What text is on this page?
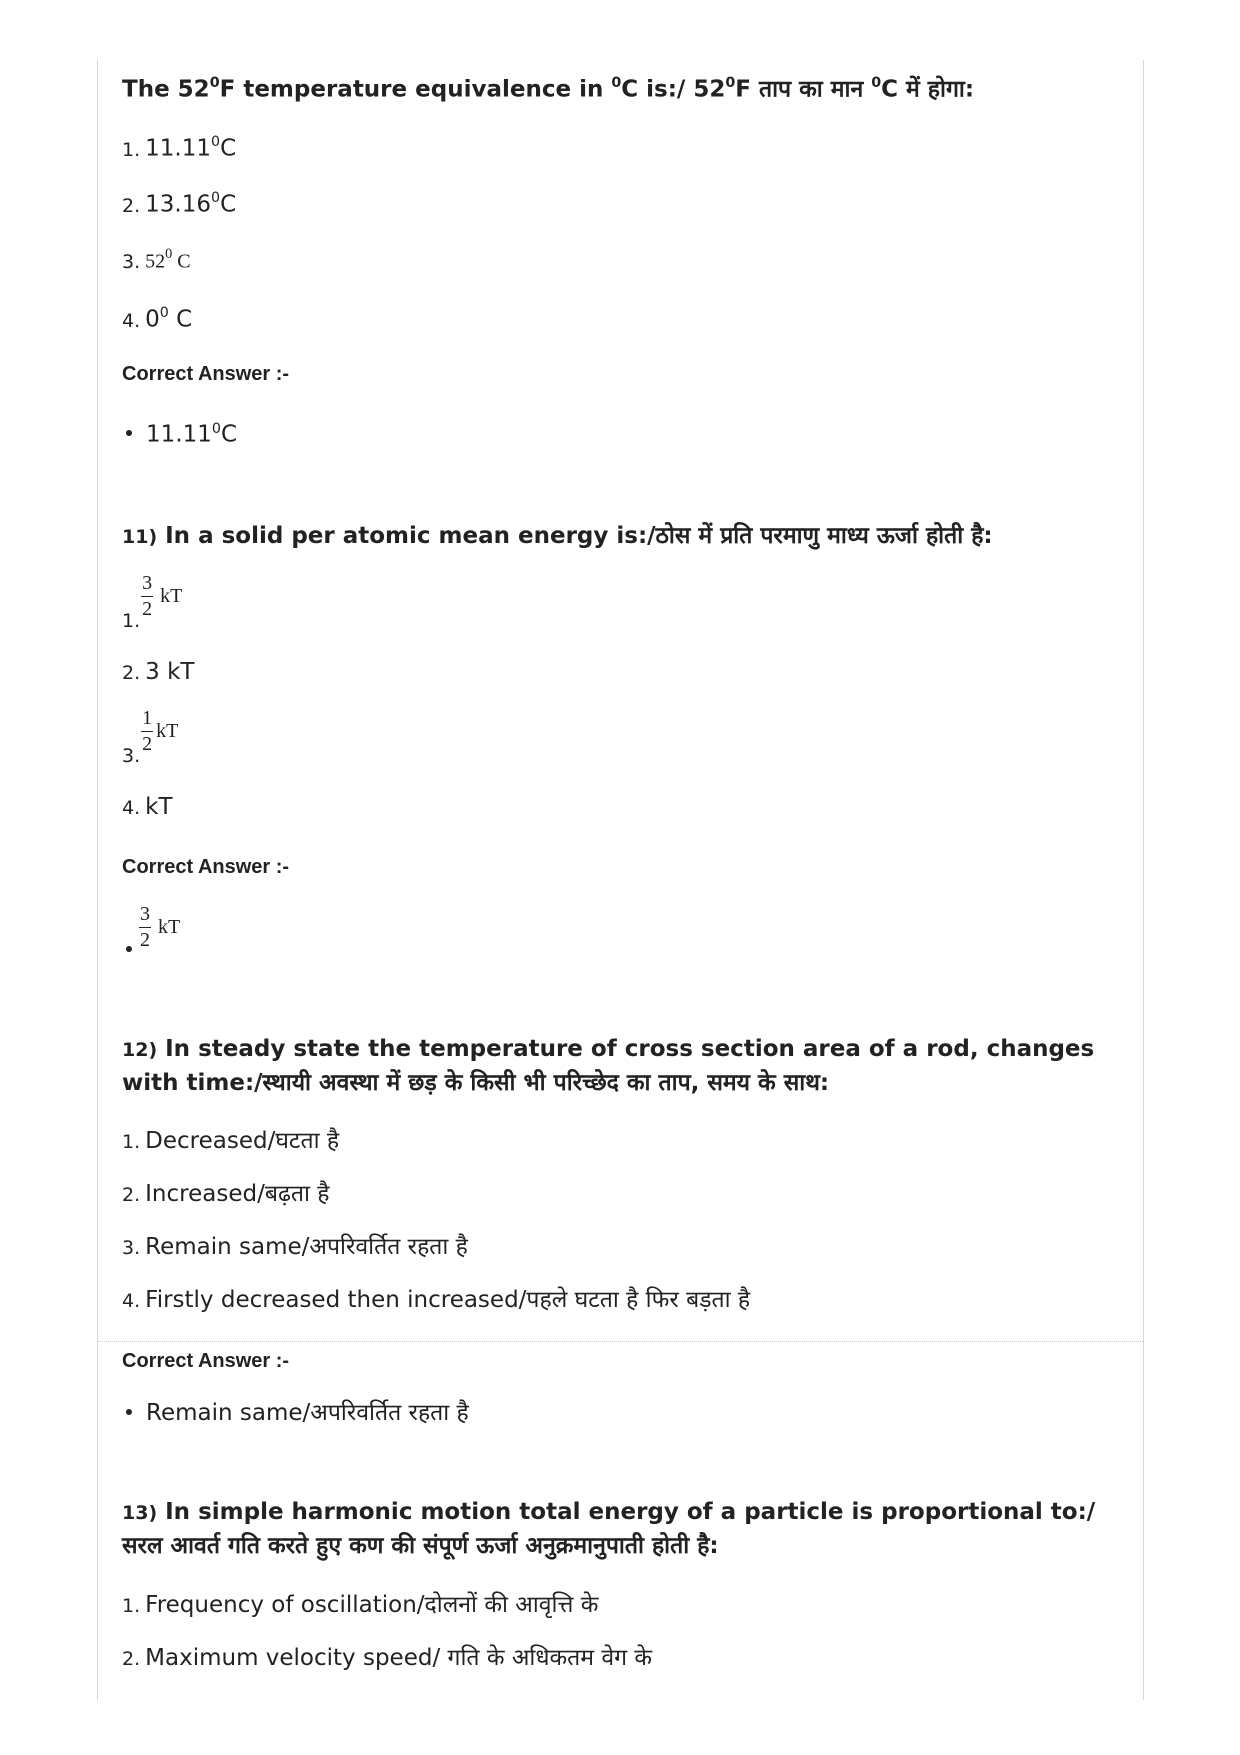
The $52^0F$ temperature equivalence in $^0$C is:/ $52^0F$ ताप का मान $^0$C में होगा:
1. 11.11$^0$C
2. 13.16$^0$C
3. $52^0$ C
4. $0^0$ C
Correct Answer :-
11.11$^0$C
11) In a solid per atomic mean energy is:/ठोस में प्रति परमाणु माध्य ऊर्जा होती है:
1.
3
2
kT
2. 3 kT
3.
1
2
kT
4. kT
Correct Answer :-
3
2
kT
12) In steady state the temperature of cross section area of a rod, changes with time:/स्थायी अवस्था में छड़ के किसी भी परिच्छेद का ताप, समय के साथ:
1. Decreased/घटता है
2. Increased/बढ़ता है
3. Remain same/अपरिवर्तित रहता है
4. Firstly decreased then increased/पहले घटता है फिर बड़ता है
Correct Answer :-
Remain same/अपरिवर्तित रहता है
13) In simple harmonic motion total energy of a particle is proportional to:/ सरल आवर्त गति करते हुए कण की संपूर्ण ऊर्जा अनुक्रमानुपाती होती है:
1. Frequency of oscillation/दोलनों की आवृत्ति के
2. Maximum velocity speed/ गति के अधिकतम वेग के
